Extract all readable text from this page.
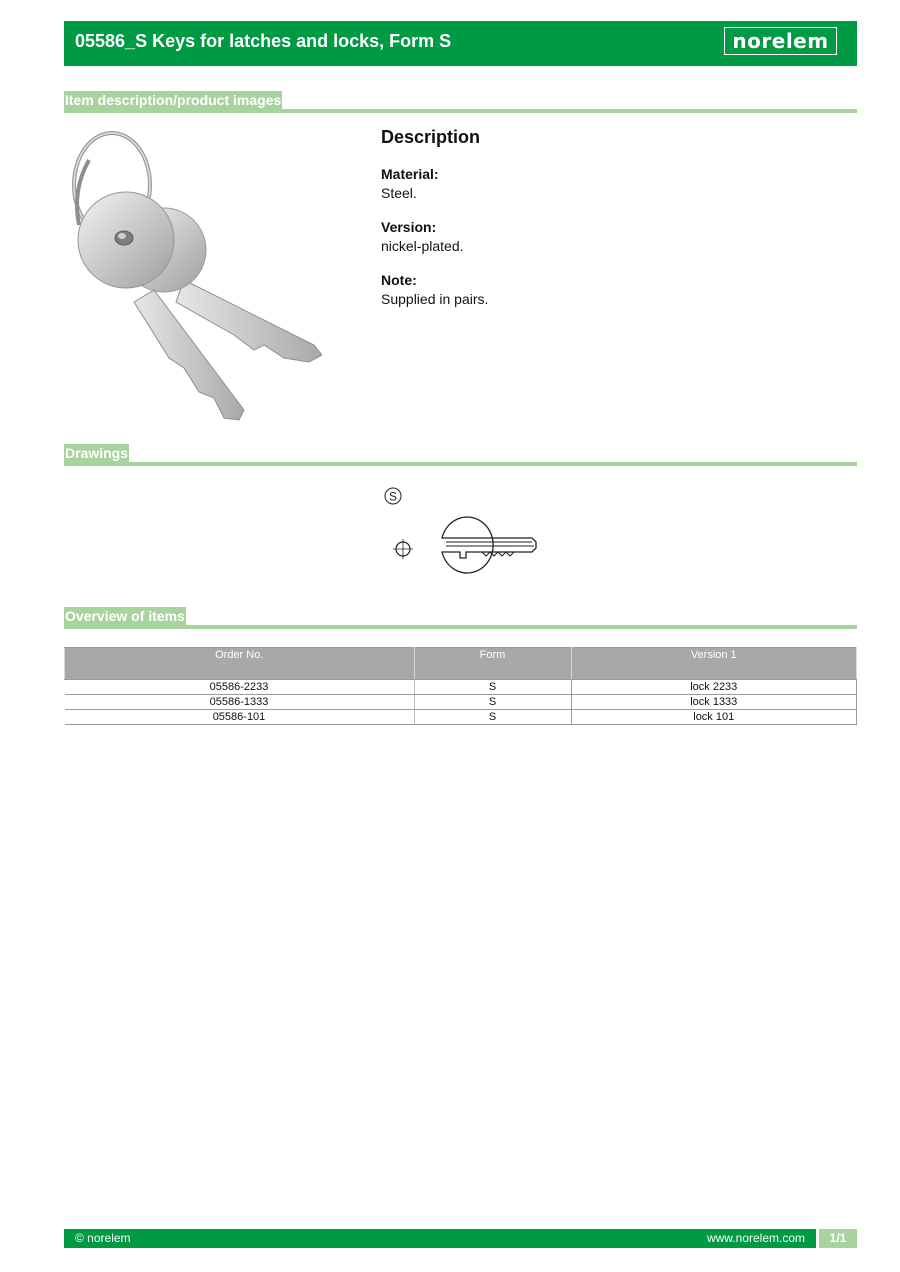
05586_S Keys for latches and locks, Form S	norelem
Item description/product images
Description
Material:
Steel.
Version:
nickel-plated.
Note:
Supplied in pairs.
Drawings
S
Overview of items
Order No.	Form	Version 1
05586-2233	S	lock 2233
05586-1333	S	lock 1333
05586-101	S	lock 101
© norelem	www.norelem.com	1/1
